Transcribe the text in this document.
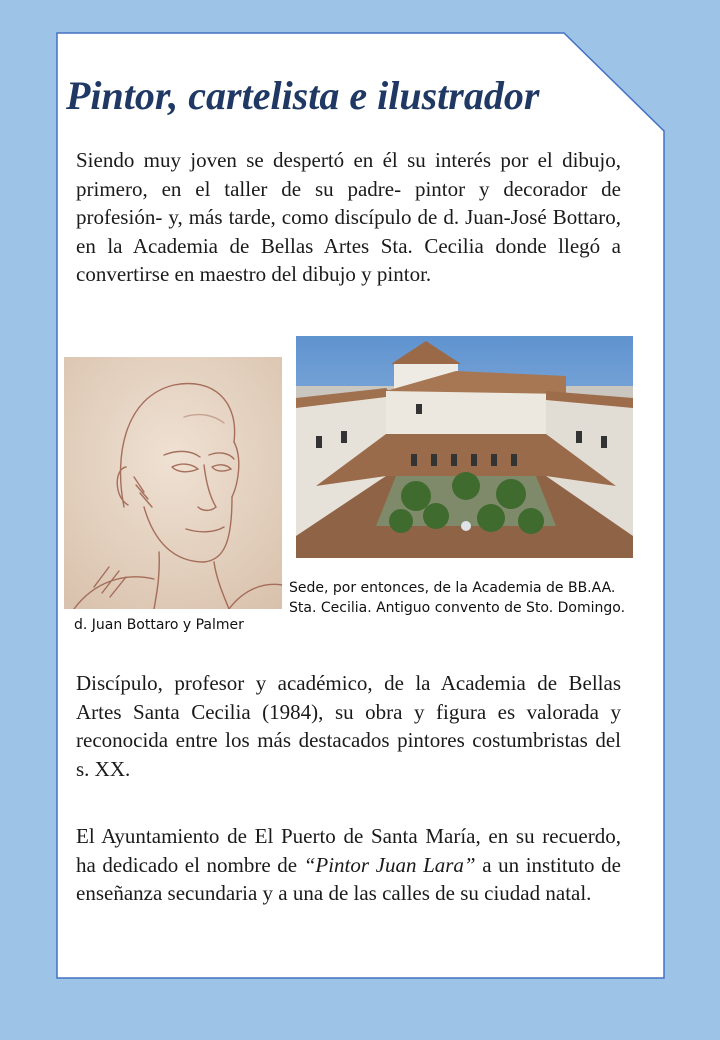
Pintor, cartelista e ilustrador

Siendo muy joven se despertó en él su interés por el dibujo, primero, en el taller de su padre- pintor y decorador de profesión- y, más tarde, como discípulo de d. Juan-José Bottaro, en la Academia de Bellas Artes Sta. Cecilia donde llegó a convertirse en maestro del dibujo y pintor.

d. Juan Bottaro y Palmer

Sede, por entonces, de la Academia de BB.AA.
Sta. Cecilia. Antiguo convento de Sto. Domingo.

Discípulo, profesor y académico, de la Academia de Bellas Artes Santa Cecilia (1984), su obra y figura es valorada y reconocida entre los más destacados pintores costumbristas del s. XX.

El Ayuntamiento de El Puerto de Santa María, en su recuerdo, ha dedicado el nombre de “Pintor Juan Lara” a un instituto de enseñanza secundaria y a una de las calles de su ciudad natal.
